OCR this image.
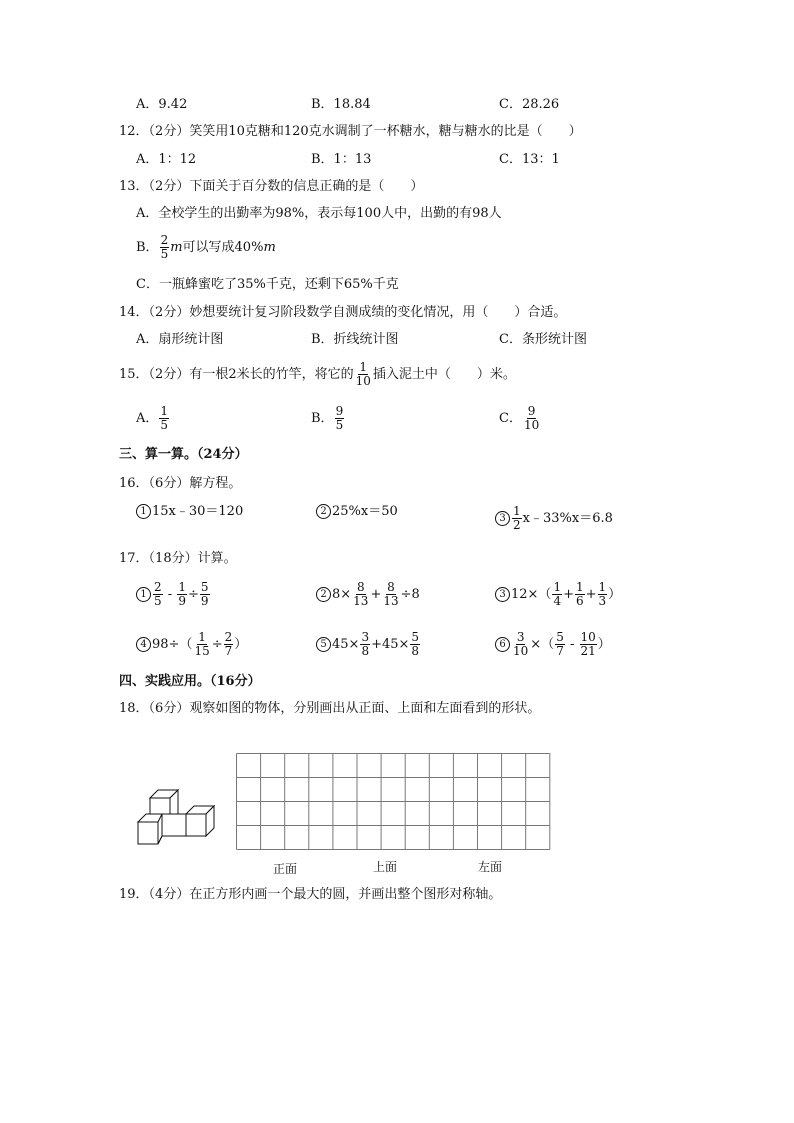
A．9.42	B．18.84	C．28.26
12．（2分）笑笑用10克糖和120克水调制了一杯糖水，糖与糖水的比是（　　）
A．1：12	B．1：13	C．13：1
13．（2分）下面关于百分数的信息正确的是（　　）
A．全校学生的出勤率为98%，表示每100人中，出勤的有98人
B． $\frac{2}{5}$ m可以写成40%m
C．一瓶蜂蜜吃了35%千克，还剩下65%千克
14．（2分）妙想要统计复习阶段数学自测成绩的变化情况，用（　　）合适。
A．扇形统计图	B．折线统计图	C．条形统计图
15．（2分）有一根2米长的竹竿，将它的 $\frac{1}{10}$ 插入泥土中（　　）米。
A． $\frac{1}{5}$	B． $\frac{9}{5}$	C． $\frac{9}{10}$
三、算一算。（24分）
16．（6分）解方程。
1 15x﹣30＝120	2 25%x＝50	$3 \frac{1}{2}$ x﹣33%x＝6.8
17．（18分）计算。
$1 \frac{2}{5} - \frac{1}{9} \div \frac{5}{9}$	2 $8\times \frac{8}{13} + \frac{8}{13} \div 8$	3 $12\times( \frac{1}{4} + \frac{1}{6} + \frac{1}{3}$ ）
4 $98\div( \frac{1}{15} \div \frac{2}{7}$ ）	5 $45\times \frac{3}{8} +45\times \frac{5}{8}$	$6 \frac{3}{10}$ ×（ $\frac{5}{7} - \frac{10}{21}$ ）
四、实践应用。（16分）
18．（6分）观察如图的物体，分别画出从正面、上面和左面看到的形状。
正面	上面	左面
19．（4分）在正方形内画一个最大的圆，并画出整个图形对称轴。
